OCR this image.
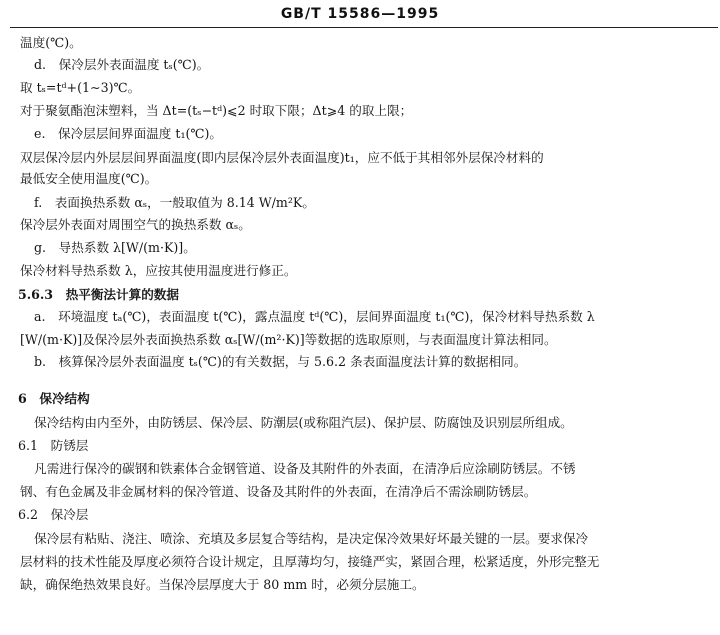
GB/T 15586—1995
温度(℃)。
d. 保冷层外表面温度 tₛ(℃)。
取 tₛ=tᵈ+(1∼3)℃。
对于聚氨酯泡沫塑料，当 Δt=(tₛ−tᵈ)⩽2 时取下限；Δt⩾4 的取上限；
e. 保冷层层间界面温度 t₁(℃)。
双层保冷层内外层层间界面温度(即内层保冷层外表面温度)t₁，应不低于其相邻外层保冷材料的
最低安全使用温度(℃)。
f. 表面换热系数 αₛ，一般取值为 8.14 W/m²K。
保冷层外表面对周围空气的换热系数 αₛ。
g. 导热系数 λ[W/(m·K)]。
保冷材料导热系数 λ，应按其使用温度进行修正。
5.6.3 热平衡法计算的数据
a. 环境温度 tₐ(℃)，表面温度 t(℃)，露点温度 tᵈ(℃)，层间界面温度 t₁(℃)，保冷材料导热系数 λ
[W/(m·K)]及保冷层外表面换热系数 αₛ[W/(m²·K)]等数据的选取原则，与表面温度计算法相同。
b. 核算保冷层外表面温度 tₛ(℃)的有关数据，与 5.6.2 条表面温度法计算的数据相同。
6 保冷结构
保冷结构由内至外，由防锈层、保冷层、防潮层(或称阻汽层)、保护层、防腐蚀及识别层所组成。
6.1 防锈层
凡需进行保冷的碳钢和铁素体合金钢管道、设备及其附件的外表面，在清净后应涂刷防锈层。不锈
钢、有色金属及非金属材料的保冷管道、设备及其附件的外表面，在清净后不需涂刷防锈层。
6.2 保冷层
保冷层有粘贴、浇注、喷涂、充填及多层复合等结构，是决定保冷效果好坏最关键的一层。要求保冷
层材料的技术性能及厚度必须符合设计规定，且厚薄均匀，接缝严实，紧固合理，松紧适度，外形完整无
缺，确保绝热效果良好。当保冷层厚度大于 80 mm 时，必须分层施工。
